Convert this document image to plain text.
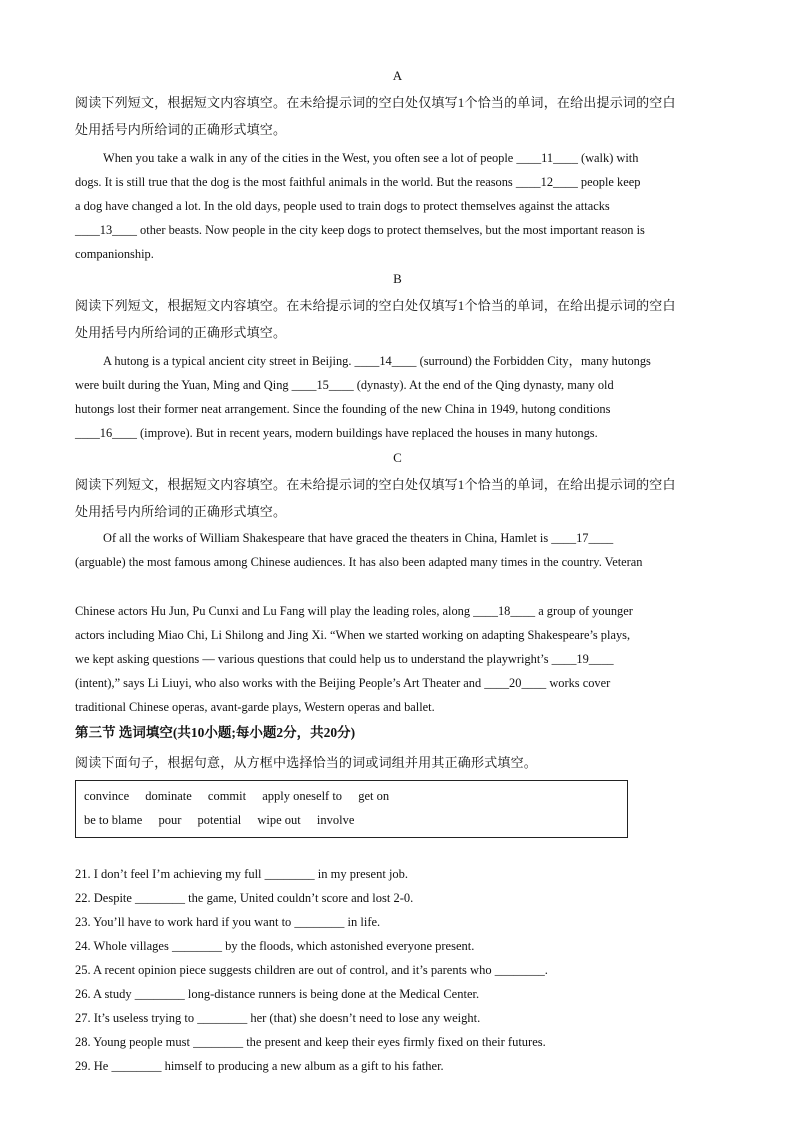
A
阅读下列短文，根据短文内容填空。在未给提示词的空白处仅填写1个恰当的单词，在给出提示词的空白
处用括号内所给词的正确形式填空。
When you take a walk in any of the cities in the West, you often see a lot of people ____11____ (walk) with
dogs. It is still true that the dog is the most faithful animals in the world. But the reasons ____12____ people keep
a dog have changed a lot. In the old days, people used to train dogs to protect themselves against the attacks
____13____ other beasts. Now people in the city keep dogs to protect themselves, but the most important reason is
companionship.
B
阅读下列短文，根据短文内容填空。在未给提示词的空白处仅填写1个恰当的单词，在给出提示词的空白
处用括号内所给词的正确形式填空。
A hutong is a typical ancient city street in Beijing. ____14____ (surround) the Forbidden City，many hutongs
were built during the Yuan, Ming and Qing ____15____ (dynasty). At the end of the Qing dynasty, many old
hutongs lost their former neat arrangement. Since the founding of the new China in 1949, hutong conditions
____16____ (improve). But in recent years, modern buildings have replaced the houses in many hutongs.
C
阅读下列短文，根据短文内容填空。在未给提示词的空白处仅填写1个恰当的单词，在给出提示词的空白
处用括号内所给词的正确形式填空。
Of all the works of William Shakespeare that have graced the theaters in China, Hamlet is ____17____
(arguable) the most famous among Chinese audiences. It has also been adapted many times in the country. Veteran
Chinese actors Hu Jun, Pu Cunxi and Lu Fang will play the leading roles, along ____18____ a group of younger
actors including Miao Chi, Li Shilong and Jing Xi. “When we started working on adapting Shakespeare’s plays,
we kept asking questions — various questions that could help us to understand the playwright’s ____19____
(intent),” says Li Liuyi, who also works with the Beijing People’s Art Theater and ____20____ works cover
traditional Chinese operas, avant-garde plays, Western operas and ballet.
第三节 选词填空(共10小题;每小题2分，共20分)
阅读下面句子，根据句意，从方框中选择恰当的词或词组并用其正确形式填空。
convince dominate commit apply oneself to get on
be to blame pour potential wipe out involve
21. I don’t feel I’m achieving my full ________ in my present job.
22. Despite ________ the game, United couldn’t score and lost 2-0.
23. You’ll have to work hard if you want to ________ in life.
24. Whole villages ________ by the floods, which astonished everyone present.
25. A recent opinion piece suggests children are out of control, and it’s parents who ________.
26. A study ________ long-distance runners is being done at the Medical Center.
27. It’s useless trying to ________ her (that) she doesn’t need to lose any weight.
28. Young people must ________ the present and keep their eyes firmly fixed on their futures.
29. He ________ himself to producing a new album as a gift to his father.
